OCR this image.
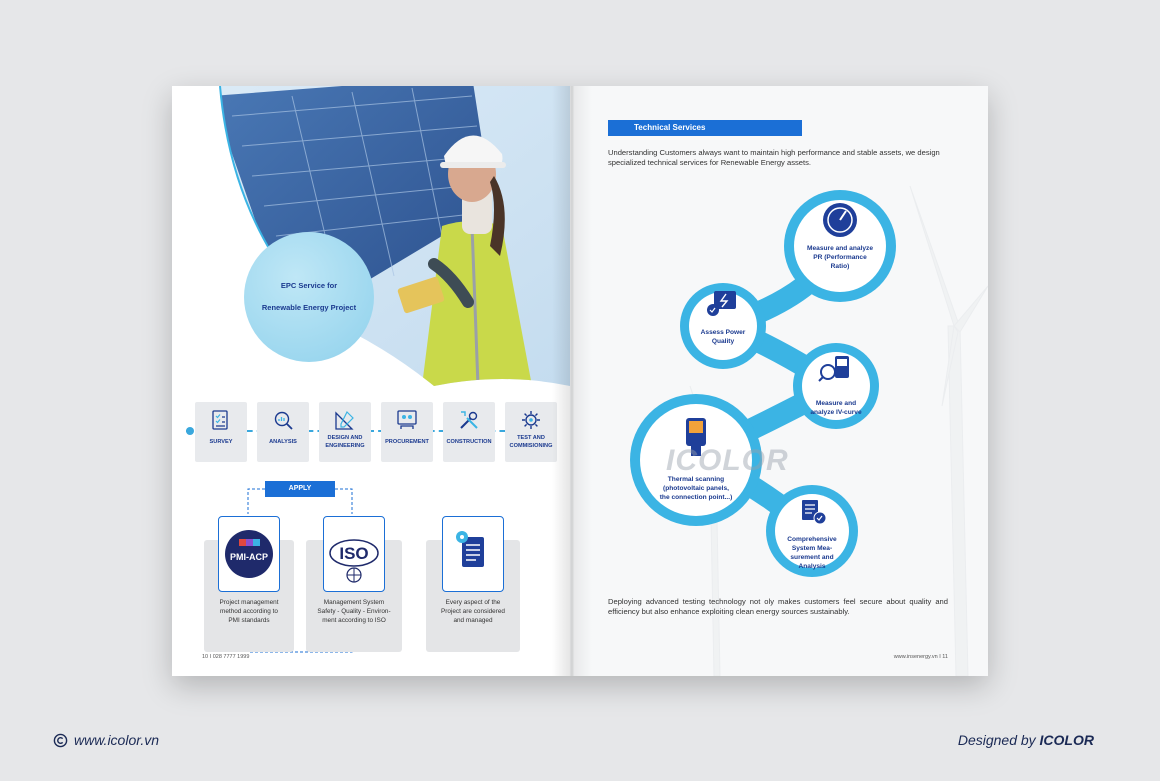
EPC Service for
Renewable Energy Project
SURVEY	ANALYSIS
DESIGN AND
ENGINEERING
PROCUREMENT	CONSTRUCTION
TEST AND
COMMISIONING
APPLY
PMI-ACP
Project management
method according to
PMI standards
ISO
Management System
Safety - Quality - Environ-
ment according to ISO
Every aspect of the
Project are considered
and managed
10 I 028 7777 1999
Technical Services
Understanding Customers always want to maintain high performance and stable assets, we design specialized technical services for Renewable Energy assets.
Measure and analyze
PR (Performance
Ratio)
Assess Power
Quality
Measure and
analyze IV-curve
Thermal scanning
(photovoltaic panels,
the connection point...)
Comprehensive
System Mea-
surement and
Analysis
ICOLOR
Deploying advanced testing technology not oly makes customers feel secure about quality and efficiency but also enhance exploiting clean energy sources sustainably.
www.insenergy.vn I 11
www.icolor.vn	Designed by ICOLOR
